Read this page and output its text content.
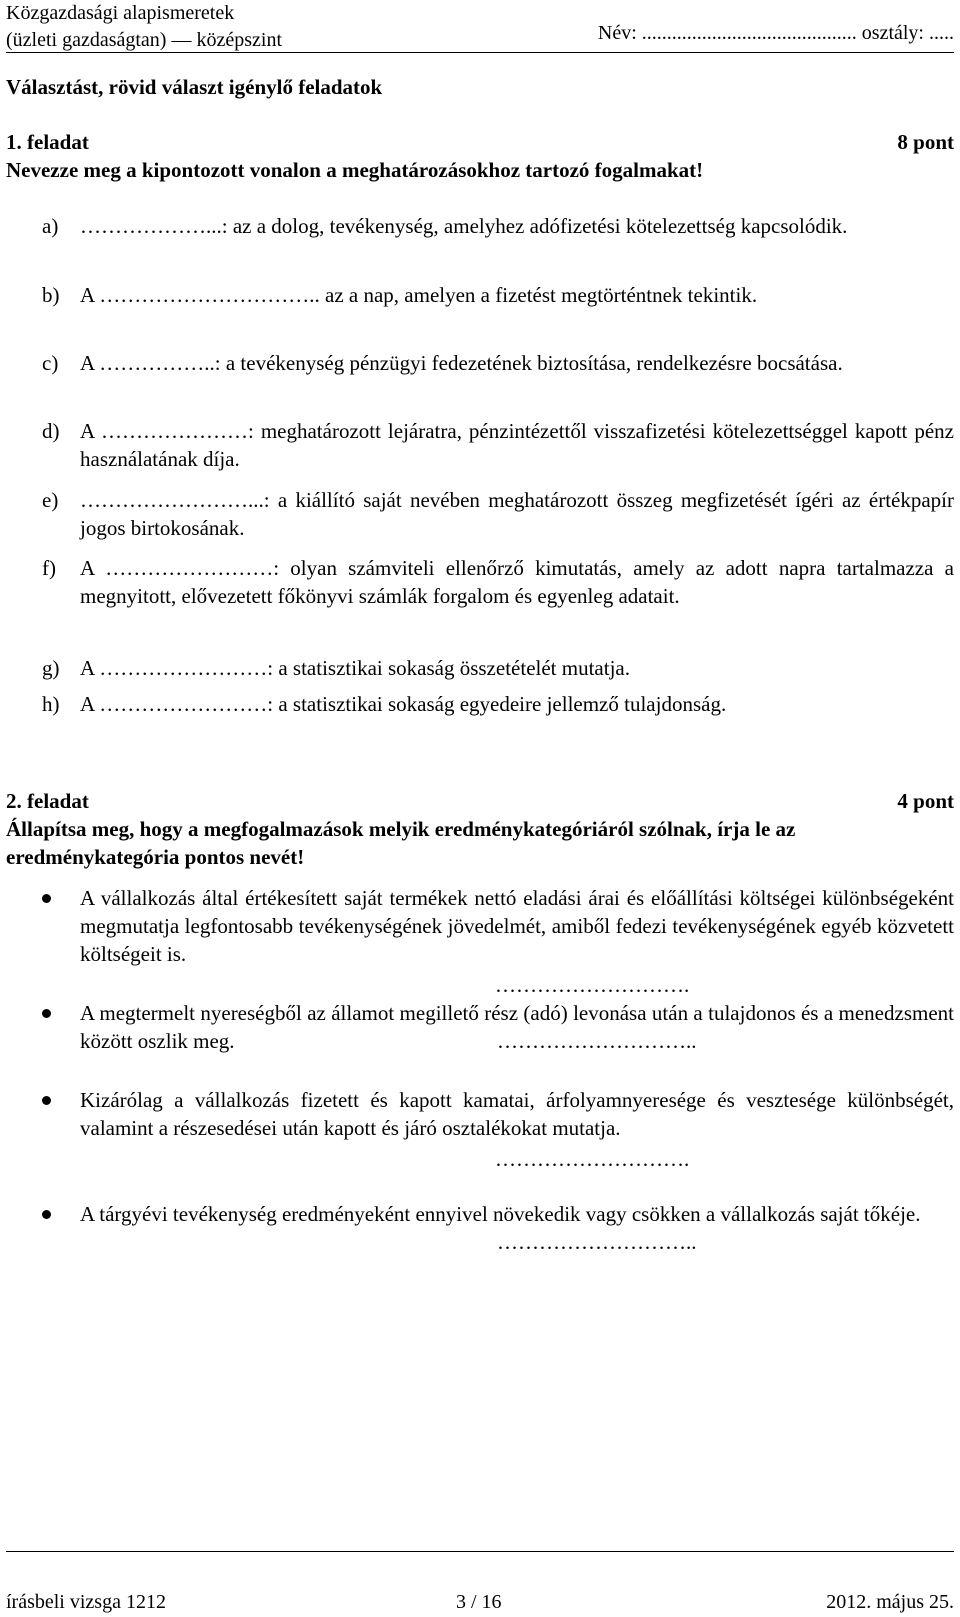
Közgazdasági alapismeretek
(üzleti gazdaságtan) — középszint	Név: ........................................... osztály: .....
Választást, rövid választ igénylő feladatok
1. feladat	8 pont
Nevezze meg a kipontozott vonalon a meghatározásokhoz tartozó fogalmakat!
a)	………………...: az a dolog, tevékenység, amelyhez adófizetési kötelezettség kapcsolódik.
b) A ………………………….. az a nap, amelyen a fizetést megtörténtnek tekintik.
c)	A ……………..: a tevékenység pénzügyi fedezetének biztosítása, rendelkezésre bocsátása.
d) A …………………: meghatározott lejáratra, pénzintézettől visszafizetési kötelezettséggel kapott pénz használatának díja.
e)	……………………...: a kiállító saját nevében meghatározott összeg megfizetését ígéri az értékpapír jogos birtokosának.
f)	A ……………………: olyan számviteli ellenőrző kimutatás, amely az adott napra tartalmazza a megnyitott, elővezetett főkönyvi számlák forgalom és egyenleg adatait.
g) A ……………………: a statisztikai sokaság összetételét mutatja.
h) A ……………………: a statisztikai sokaság egyedeire jellemző tulajdonság.
2. feladat	4 pont
Állapítsa meg, hogy a megfogalmazások melyik eredménykategóriáról szólnak, írja le az eredménykategória pontos nevét!
A vállalkozás által értékesített saját termékek nettó eladási árai és előállítási költségei különbségeként megmutatja legfontosabb tevékenységének jövedelmét, amiből fedezi tevékenységének egyéb közvetett költségeit is.
……………………….
A megtermelt nyereségből az államot megillető rész (adó) levonása után a tulajdonos és a menedzsment között oszlik meg.	………………………..
Kizárólag a vállalkozás fizetett és kapott kamatai, árfolyamnyeresége és vesztesége különbségét, valamint a részesedései után kapott és járó osztalékokat mutatja.
……………………….
A tárgyévi tevékenység eredményeként ennyivel növekedik vagy csökken a vállalkozás saját tőkéje.
………………………..
írásbeli vizsga 1212	3 / 16	2012. május 25.
